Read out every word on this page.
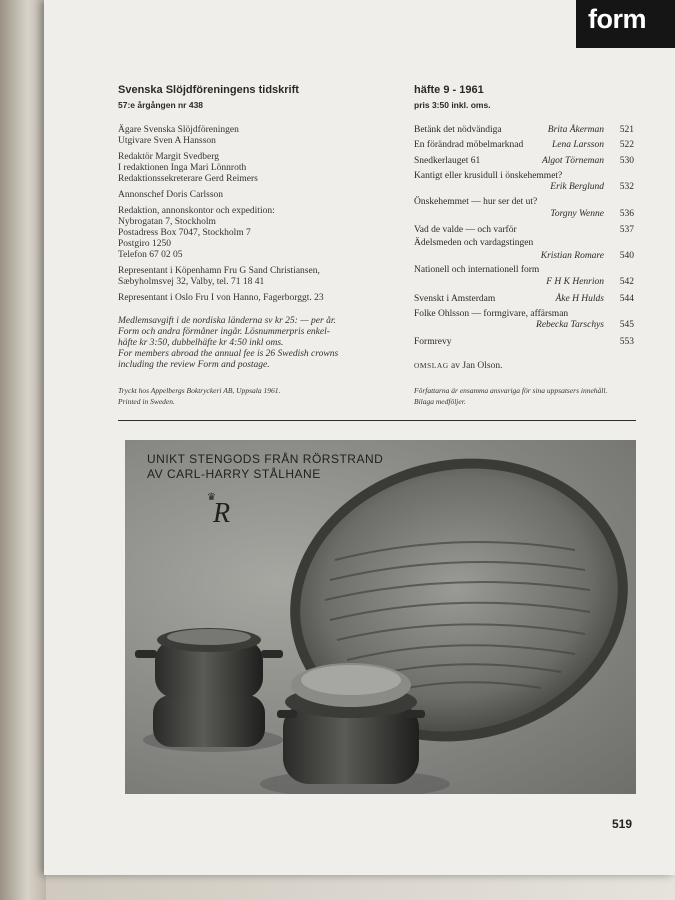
form
Svenska Slöjdföreningens tidskrift
57:e årgången nr 438
häfte 9 - 1961
pris 3:50 inkl. oms.
Ägare Svenska Slöjdföreningen
Utgivare Sven A Hansson
Redaktör Margit Svedberg
I redaktionen Inga Mari Lönnroth
Redaktionssekreterare Gerd Reimers
Annonschef Doris Carlsson
Redaktion, annonskontor och expedition:
Nybrogatan 7, Stockholm
Postadress Box 7047, Stockholm 7
Postgiro 1250
Telefon 67 02 05
Representant i Köpenhamn Fru G Sand Christiansen,
Sæbyholmsvej 32, Valby, tel. 71 18 41
Representant i Oslo Fru I von Hanno, Fagerborggt. 23
Medlemsavgift i de nordiska länderna sv kr 25: — per år.
Form och andra förmåner ingår. Lösnummerpris enkel-
häfte kr 3:50, dubbelhäfte kr 4:50 inkl oms.
For members abroad the annual fee is 26 Swedish crowns
including the review Form and postage.
Tryckt hos Appelbergs Boktryckeri AB, Uppsala 1961.
Printed in Sweden.
Betänk det nödvändiga	Brita Åkerman 521
En förändrad möbelmarknad	Lena Larsson 522
Snedkerlauget 61	Algot Törneman 530
Kantigt eller krusidull i önskehemmet?
Erik Berglund 532
Önskehemmet — hur ser det ut?
Torgny Wenne 536
Vad de valde — och varför	537
Ädelsmeden och vardagstingen
Kristian Romare 540
Nationell och internationell form
F H K Henrion 542
Svenskt i Amsterdam	Åke H Hulds 544
Folke Ohlsson — formgivare, affärsman
Rebecka Tarschys 545
Formrevy	553
OMSLAG av Jan Olson.
Författarna är ensamma ansvariga för sina uppsatsers innehåll.
Bilaga medföljer.
UNIKT STENGODS FRÅN RÖRSTRAND
AV CARL-HARRY STÅLHANE
R
♛
519
